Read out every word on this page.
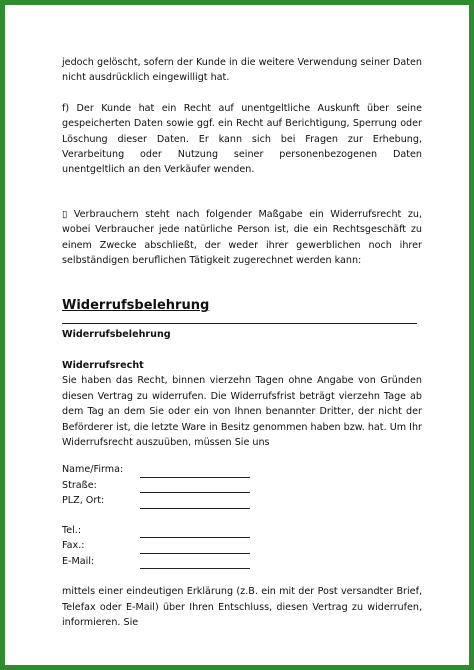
jedoch gelöscht, sofern der Kunde in die weitere Verwendung seiner Daten nicht ausdrücklich eingewilligt hat.

f) Der Kunde hat ein Recht auf unentgeltliche Auskunft über seine gespeicherten Daten sowie ggf. ein Recht auf Berichtigung, Sperrung oder Löschung dieser Daten. Er kann sich bei Fragen zur Erhebung, Verarbeitung oder Nutzung seiner personenbezogenen Daten unentgeltlich an den Verkäufer wenden.

▯ Verbrauchern steht nach folgender Maßgabe ein Widerrufsrecht zu, wobei Verbraucher jede natürliche Person ist, die ein Rechtsgeschäft zu einem Zwecke abschließt, der weder ihrer gewerblichen noch ihrer selbständigen beruflichen Tätigkeit zugerechnet werden kann:

Widerrufsbelehrung
Widerrufsbelehrung
Widerrufsrecht

Sie haben das Recht, binnen vierzehn Tagen ohne Angabe von Gründen diesen Vertrag zu widerrufen. Die Widerrufsfrist beträgt vierzehn Tage ab dem Tag an dem Sie oder ein von Ihnen benannter Dritter, der nicht der Beförderer ist, die letzte Ware in Besitz genommen haben bzw. hat. Um Ihr Widerrufsrecht auszuüben, müssen Sie uns

Name/Firma:
Straße:
PLZ, Ort:
Tel.:
Fax.:
E-Mail:

mittels einer eindeutigen Erklärung (z.B. ein mit der Post versandter Brief, Telefax oder E-Mail) über Ihren Entschluss, diesen Vertrag zu widerrufen, informieren. Sie
